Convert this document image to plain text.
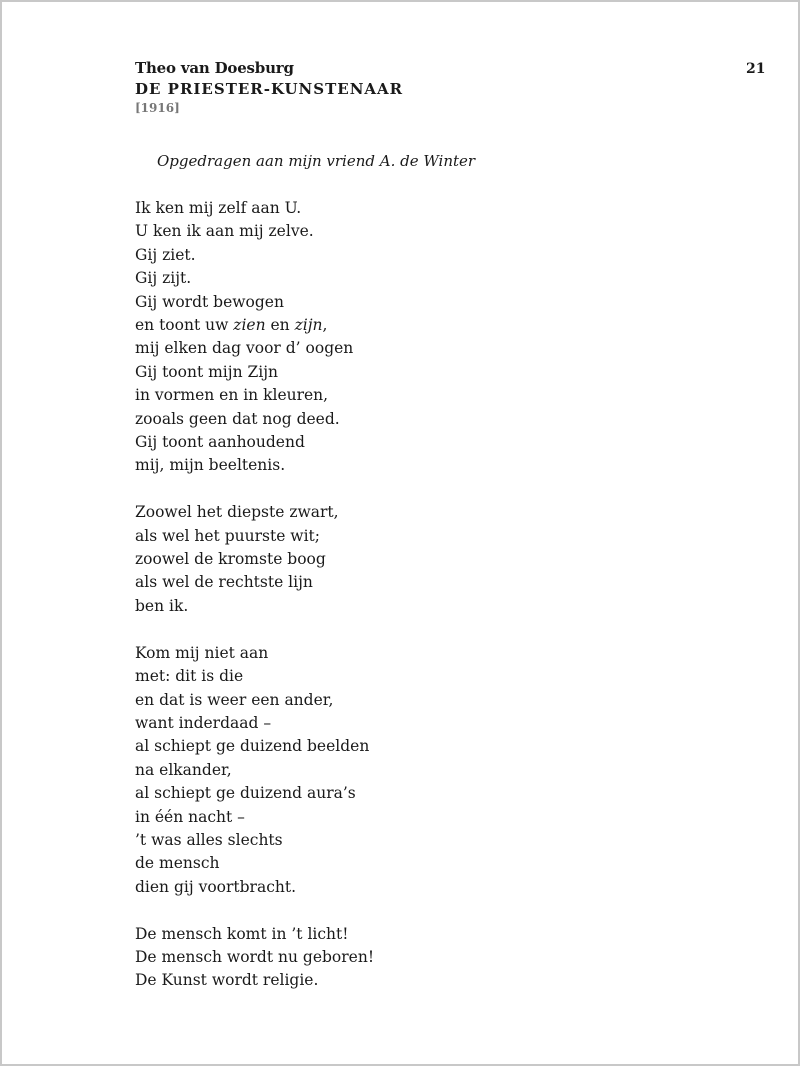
Theo van Doesburg
DE PRIESTER-KUNSTENAAR
[1916]
21
Opgedragen aan mijn vriend A. de Winter
Ik ken mij zelf aan U.
U ken ik aan mij zelve.
Gij ziet.
Gij zijt.
Gij wordt bewogen
en toont uw zien en zijn,
mij elken dag voor d’ oogen
Gij toont mijn Zijn
in vormen en in kleuren,
zooals geen dat nog deed.
Gij toont aanhoudend
mij, mijn beeltenis.
Zoowel het diepste zwart,
als wel het puurste wit;
zoowel de kromste boog
als wel de rechtste lijn
ben ik.
Kom mij niet aan
met: dit is die
en dat is weer een ander,
want inderdaad –
al schiept ge duizend beelden
na elkander,
al schiept ge duizend aura’s
in één nacht –
’t was alles slechts
de mensch
dien gij voortbracht.
De mensch komt in ’t licht!
De mensch wordt nu geboren!
De Kunst wordt religie.
